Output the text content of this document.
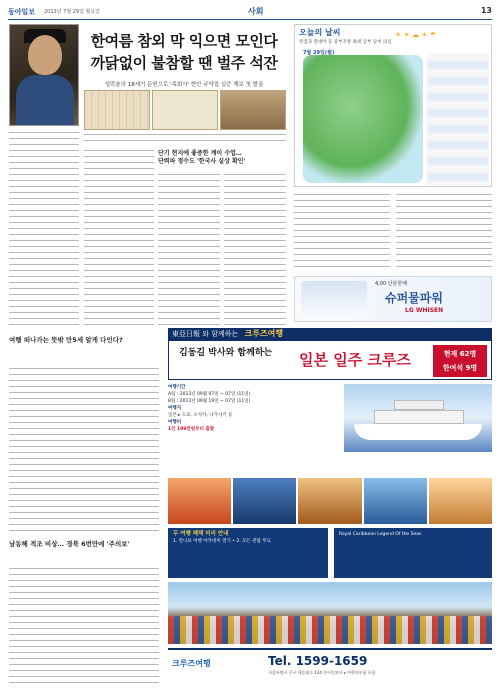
동아일보 2013년 7월 29일 월요일	사회	13
한여름 참외 막 익으면 모인다
까닭없이 불참할 땐 벌주 석잔
성락춘의 18세기 문헌으로 '족회사' 현안 규약집 실증 계보 첫 발굴
단기 현지에 좋중한 계이 수업…
단력파 정수도 '한국사 실상 확인'
오늘의 날씨	☀ ☀ ☁ ☀ ☂
폭염과 열대야 등 중부지방 최대 남부 날씨 의심
7월 29일(월)
4,00 단분한때
슈퍼물파워
LG WHISEN
여행 떠나가는 뜻밖 만5세 알게 다인다?
남동해 적조 비상… 경북 6번만에 '주의보'
東亞日報 와 함께하는 크루즈여행
김동길 박사와 함께하는	일본 일주 크루즈	현재 62명
한여석 9명
여행기간
A팀 : 2013년 09월 07일 ~ 07일 (11일)
B팀 : 2013년 09월 19일 ~ 07일 (11일)
여행지
일본 ▸ 도쿄, 오사카, 나가사키 등
여행비
1인 199만원부터 출발
두 여행 혜택 미리 안내
1. 만나보 여행 아카데미 열기 • 2. 모든 관람 무료
Royal Caribbean Legend Of the Seas
크루즈여행	Tel. 1599-1659
서울특별시 중구 세종대로 124 동아일보사 ▸ 여행자보험 포함
